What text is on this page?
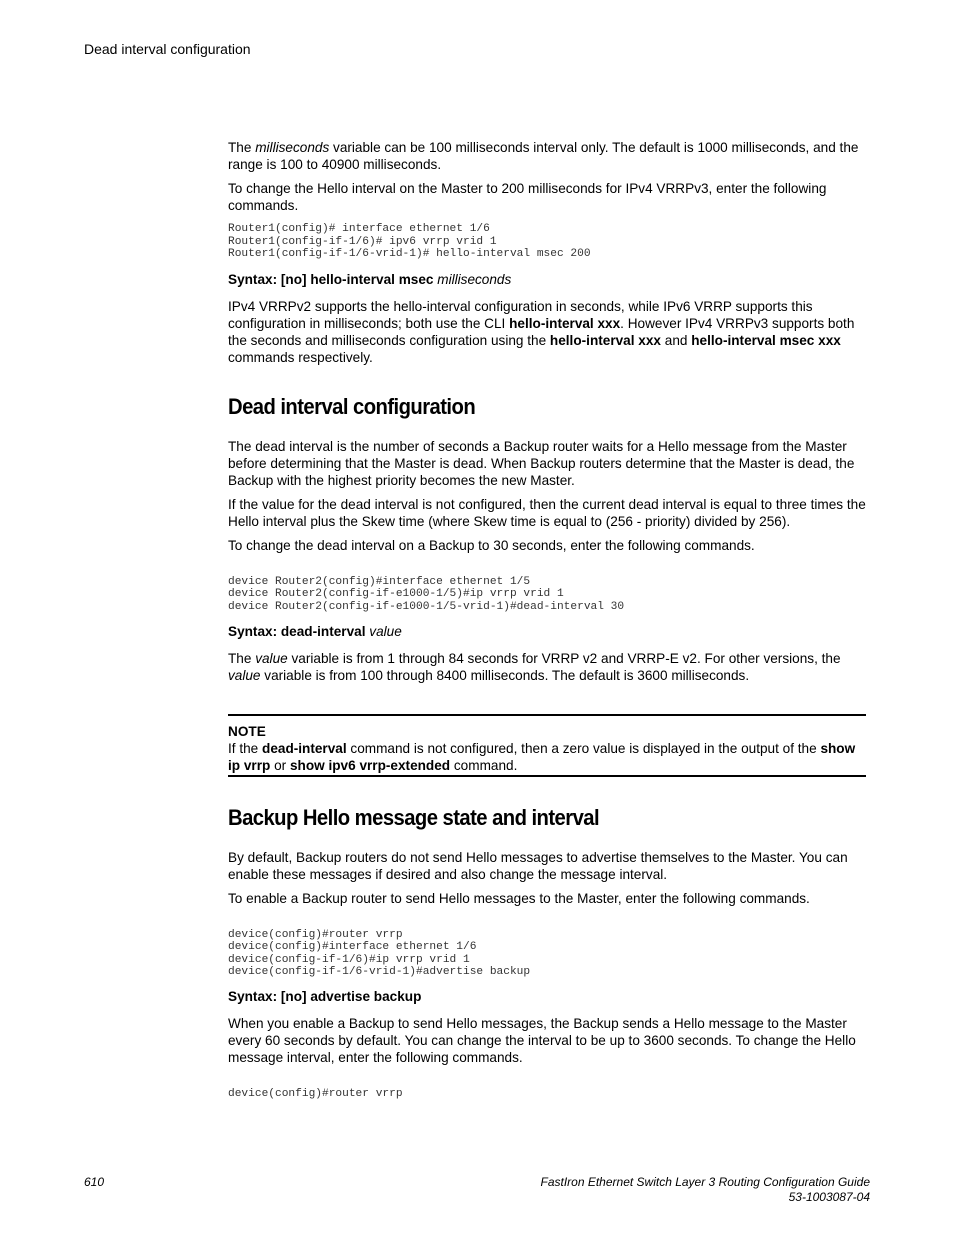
Dead interval configuration

The milliseconds variable can be 100 milliseconds interval only. The default is 1000 milliseconds, and the range is 100 to 40900 milliseconds.

To change the Hello interval on the Master to 200 milliseconds for IPv4 VRRPv3, enter the following commands.

Router1(config)# interface ethernet 1/6
Router1(config-if-1/6)# ipv6 vrrp vrid 1
Router1(config-if-1/6-vrid-1)# hello-interval msec 200

Syntax: [no] hello-interval msec milliseconds

IPv4 VRRPv2 supports the hello-interval configuration in seconds, while IPv6 VRRP supports this configuration in milliseconds; both use the CLI hello-interval xxx. However IPv4 VRRPv3 supports both the seconds and milliseconds configuration using the hello-interval xxx and hello-interval msec xxx commands respectively.

Dead interval configuration

The dead interval is the number of seconds a Backup router waits for a Hello message from the Master before determining that the Master is dead. When Backup routers determine that the Master is dead, the Backup with the highest priority becomes the new Master.

If the value for the dead interval is not configured, then the current dead interval is equal to three times the Hello interval plus the Skew time (where Skew time is equal to (256 - priority) divided by 256).

To change the dead interval on a Backup to 30 seconds, enter the following commands.

device Router2(config)#interface ethernet 1/5
device Router2(config-if-e1000-1/5)#ip vrrp vrid 1
device Router2(config-if-e1000-1/5-vrid-1)#dead-interval 30

Syntax: dead-interval value

The value variable is from 1 through 84 seconds for VRRP v2 and VRRP-E v2. For other versions, the value variable is from 100 through 8400 milliseconds. The default is 3600 milliseconds.

NOTE

If the dead-interval command is not configured, then a zero value is displayed in the output of the show ip vrrp or show ipv6 vrrp-extended command.

Backup Hello message state and interval

By default, Backup routers do not send Hello messages to advertise themselves to the Master. You can enable these messages if desired and also change the message interval.

To enable a Backup router to send Hello messages to the Master, enter the following commands.

device(config)#router vrrp
device(config)#interface ethernet 1/6
device(config-if-1/6)#ip vrrp vrid 1
device(config-if-1/6-vrid-1)#advertise backup

Syntax: [no] advertise backup

When you enable a Backup to send Hello messages, the Backup sends a Hello message to the Master every 60 seconds by default. You can change the interval to be up to 3600 seconds. To change the Hello message interval, enter the following commands.

device(config)#router vrrp
610	FastIron Ethernet Switch Layer 3 Routing Configuration Guide
53-1003087-04
